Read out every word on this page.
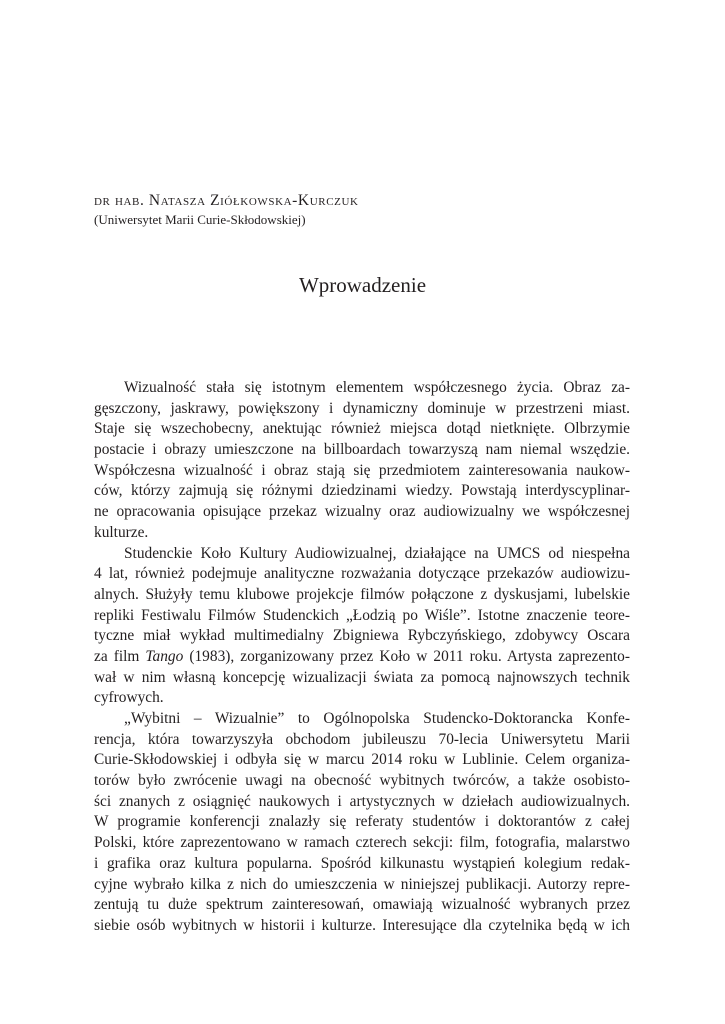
dr hab. Natasza Ziółkowska-Kurczuk
(Uniwersytet Marii Curie-Skłodowskiej)
Wprowadzenie
Wizualność stała się istotnym elementem współczesnego życia. Obraz za-
gęszczony, jaskrawy, powiększony i dynamiczny dominuje w przestrzeni miast.
Staje się wszechobecny, anektując również miejsca dotąd nietknięte. Olbrzymie
postacie i obrazy umieszczone na billboardach towarzyszą nam niemal wszędzie.
Współczesna wizualność i obraz stają się przedmiotem zainteresowania naukow-
ców, którzy zajmują się różnymi dziedzinami wiedzy. Powstają interdyscyplinar-
ne opracowania opisujące przekaz wizualny oraz audiowizualny we współczesnej
kulturze.
Studenckie Koło Kultury Audiowizualnej, działające na UMCS od niespełna
4 lat, również podejmuje analityczne rozważania dotyczące przekazów audiowizu-
alnych. Służyły temu klubowe projekcje filmów połączone z dyskusjami, lubelskie
repliki Festiwalu Filmów Studenckich „Łodzią po Wiśle”. Istotne znaczenie teore-
tyczne miał wykład multimedialny Zbigniewa Rybczyńskiego, zdobywcy Oscara
za film Tango (1983), zorganizowany przez Koło w 2011 roku. Artysta zaprezento-
wał w nim własną koncepcję wizualizacji świata za pomocą najnowszych technik
cyfrowych.
„Wybitni – Wizualnie” to Ogólnopolska Studencko-Doktorancka Konfe-
rencja, która towarzyszyła obchodom jubileuszu 70-lecia Uniwersytetu Marii
Curie-Skłodowskiej i odbyła się w marcu 2014 roku w Lublinie. Celem organiza-
torów było zwrócenie uwagi na obecność wybitnych twórców, a także osobisto-
ści znanych z osiągnięć naukowych i artystycznych w dziełach audiowizualnych.
W programie konferencji znalazły się referaty studentów i doktorantów z całej
Polski, które zaprezentowano w ramach czterech sekcji: film, fotografia, malarstwo
i grafika oraz kultura popularna. Spośród kilkunastu wystąpień kolegium redak-
cyjne wybrało kilka z nich do umieszczenia w niniejszej publikacji. Autorzy repre-
zentują tu duże spektrum zainteresowań, omawiają wizualność wybranych przez
siebie osób wybitnych w historii i kulturze. Interesujące dla czytelnika będą w ich
